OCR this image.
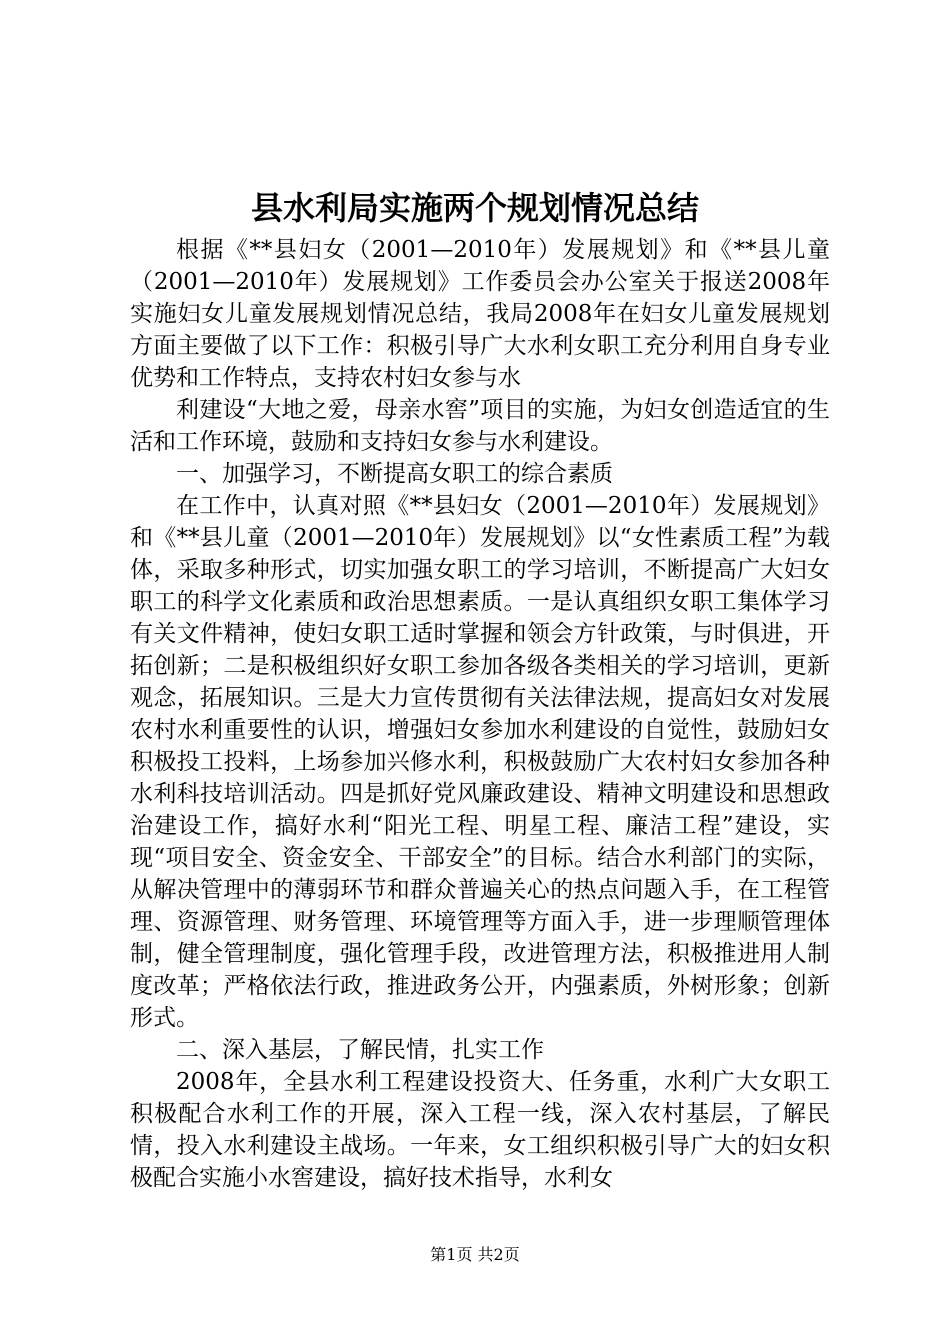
县水利局实施两个规划情况总结

根据《**县妇女（2001—2010年）发展规划》和《**县儿童（2001—2010年）发展规划》工作委员会办公室关于报送2008年实施妇女儿童发展规划情况总结，我局2008年在妇女儿童发展规划方面主要做了以下工作：积极引导广大水利女职工充分利用自身专业优势和工作特点，支持农村妇女参与水

利建设“大地之爱，母亲水窖”项目的实施，为妇女创造适宜的生活和工作环境，鼓励和支持妇女参与水利建设。

一、加强学习，不断提高女职工的综合素质

在工作中，认真对照《**县妇女（2001—2010年）发展规划》和《**县儿童（2001—2010年）发展规划》以“女性素质工程”为载体，采取多种形式，切实加强女职工的学习培训，不断提高广大妇女职工的科学文化素质和政治思想素质。一是认真组织女职工集体学习有关文件精神，使妇女职工适时掌握和领会方针政策，与时俱进，开拓创新；二是积极组织好女职工参加各级各类相关的学习培训，更新观念，拓展知识。三是大力宣传贯彻有关法律法规，提高妇女对发展农村水利重要性的认识，增强妇女参加水利建设的自觉性，鼓励妇女积极投工投料，上场参加兴修水利，积极鼓励广大农村妇女参加各种水利科技培训活动。四是抓好党风廉政建设、精神文明建设和思想政治建设工作，搞好水利“阳光工程、明星工程、廉洁工程”建设，实现“项目安全、资金安全、干部安全”的目标。结合水利部门的实际，从解决管理中的薄弱环节和群众普遍关心的热点问题入手，在工程管理、资源管理、财务管理、环境管理等方面入手，进一步理顺管理体制，健全管理制度，强化管理手段，改进管理方法，积极推进用人制度改革；严格依法行政，推进政务公开，内强素质，外树形象；创新形式。

二、深入基层，了解民情，扎实工作

2008年，全县水利工程建设投资大、任务重，水利广大女职工积极配合水利工作的开展，深入工程一线，深入农村基层，了解民情，投入水利建设主战场。一年来，女工组织积极引导广大的妇女积极配合实施小水窖建设，搞好技术指导，水利女

第1页 共2页
